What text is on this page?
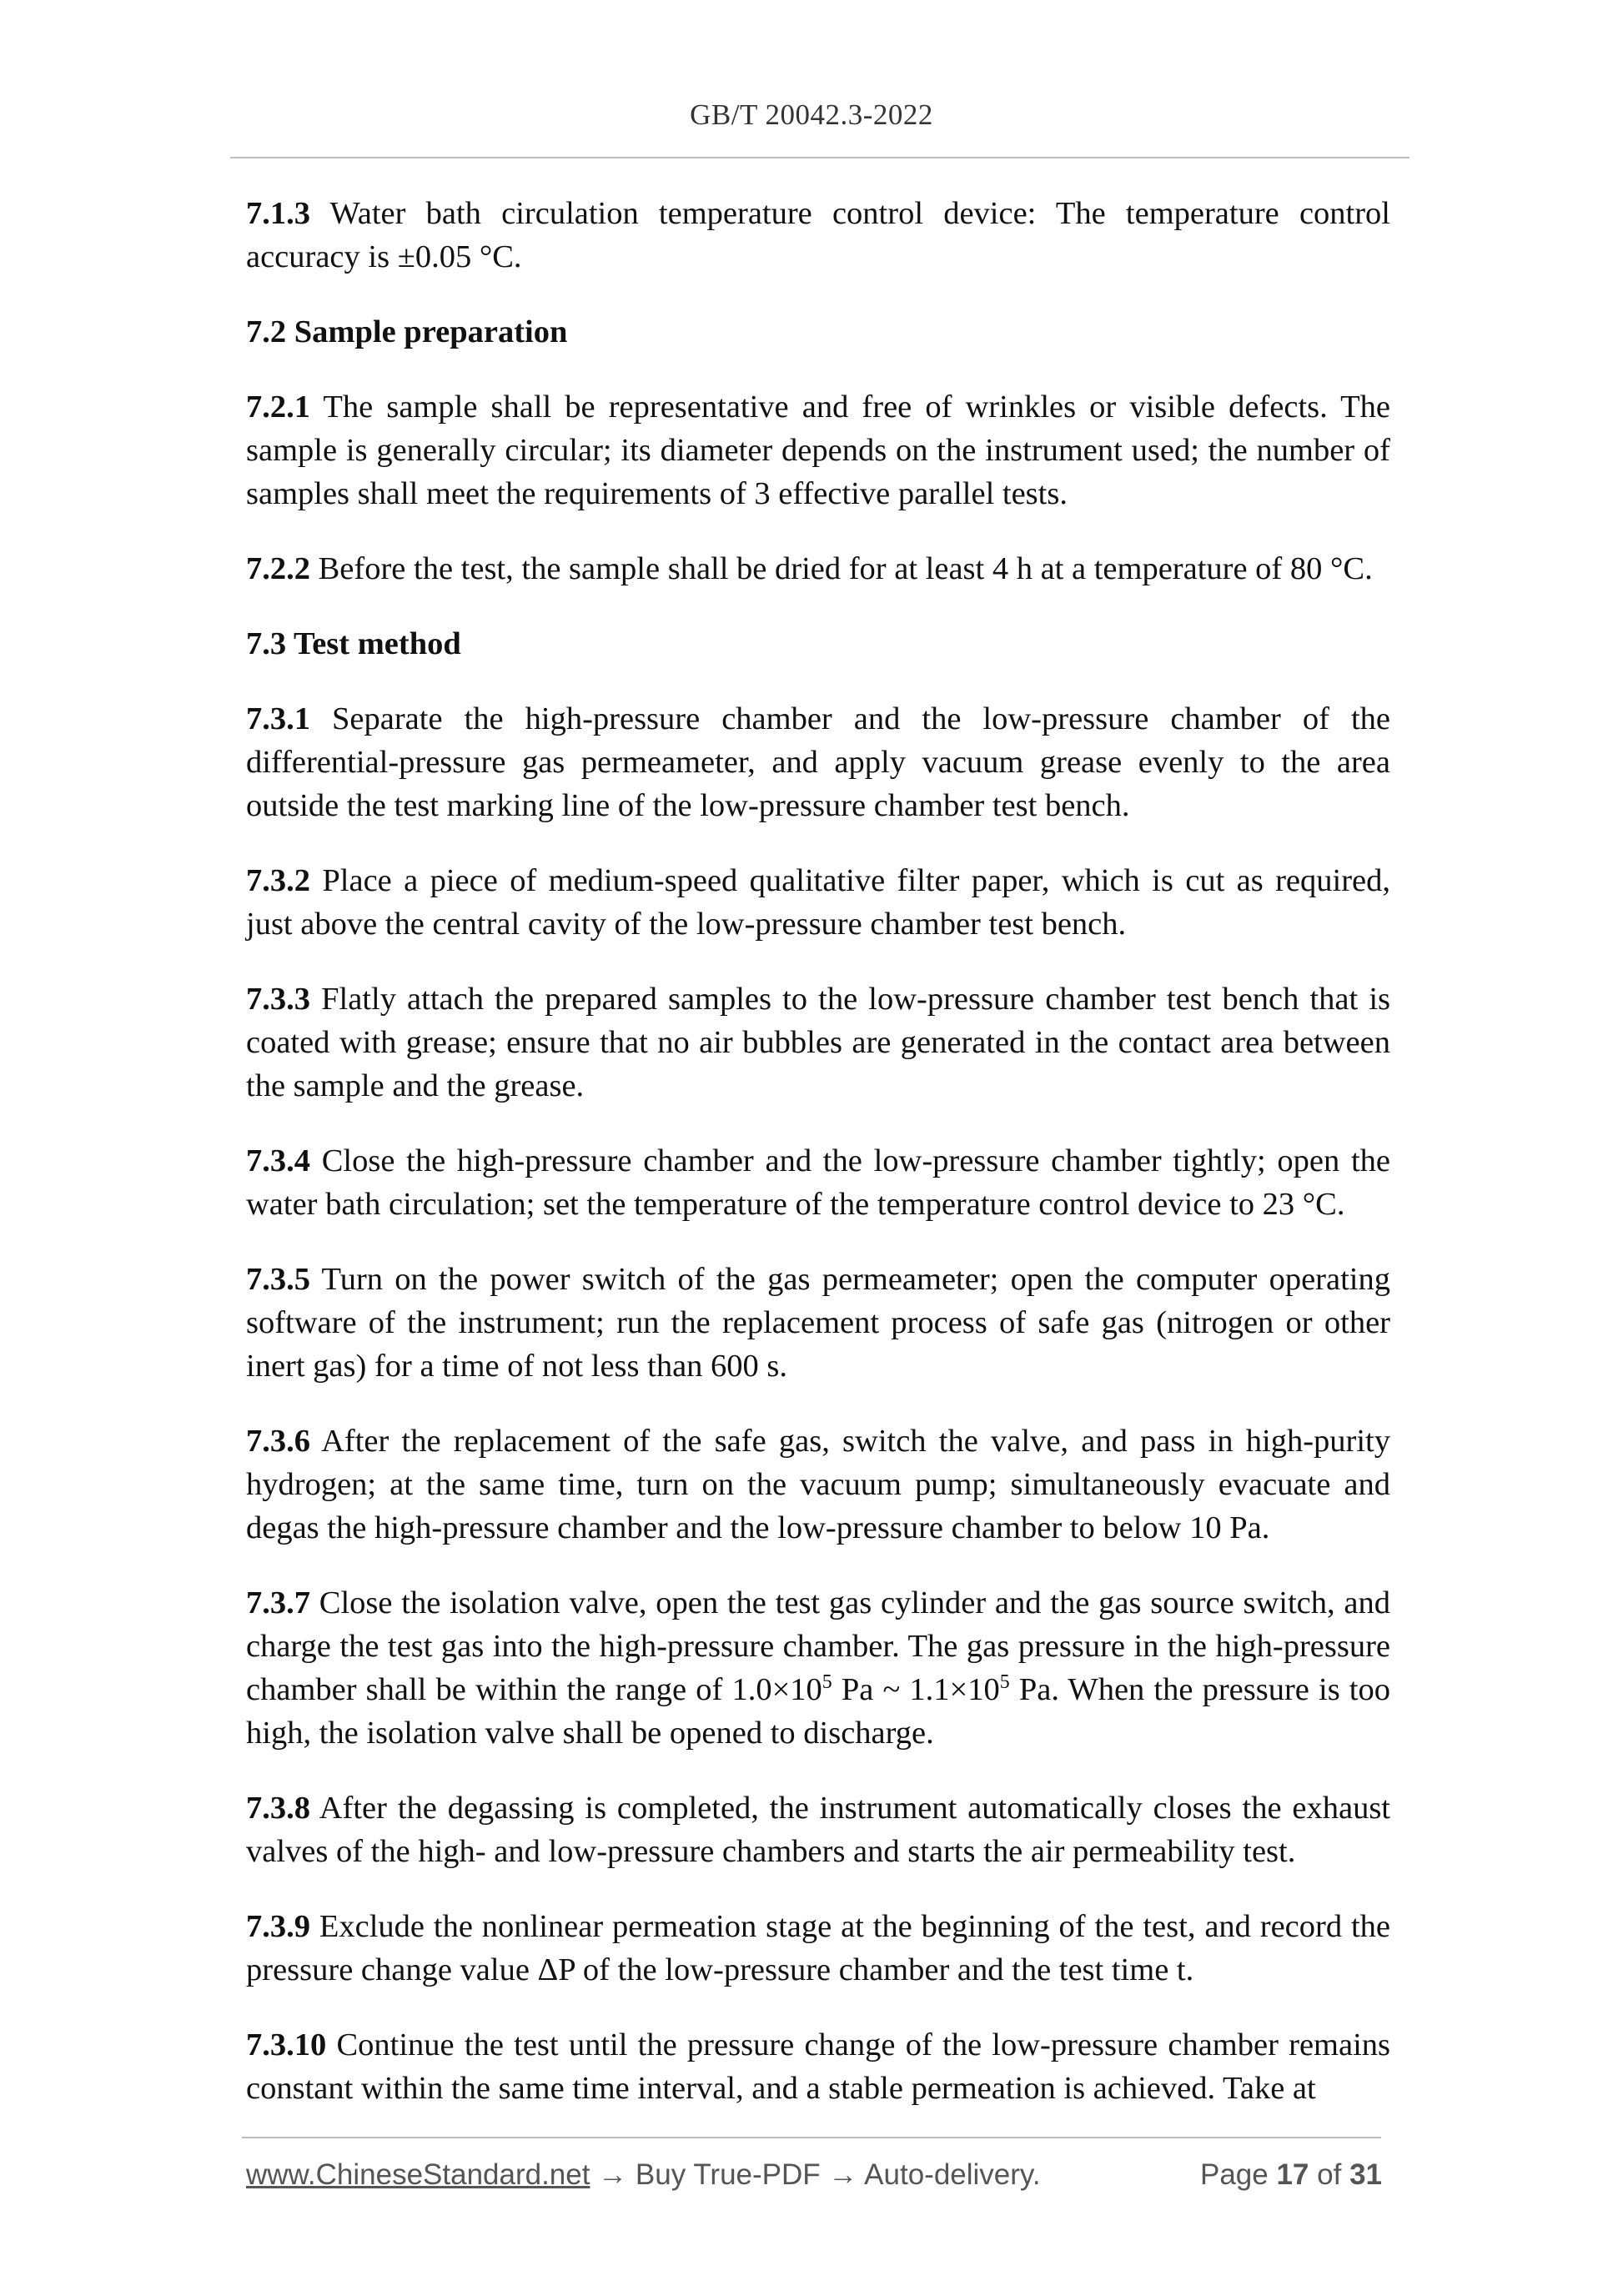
GB/T 20042.3-2022

7.1.3 Water bath circulation temperature control device: The temperature control accuracy is ±0.05 °C.

7.2 Sample preparation

7.2.1 The sample shall be representative and free of wrinkles or visible defects. The sample is generally circular; its diameter depends on the instrument used; the number of samples shall meet the requirements of 3 effective parallel tests.

7.2.2 Before the test, the sample shall be dried for at least 4 h at a temperature of 80 °C.

7.3 Test method

7.3.1 Separate the high-pressure chamber and the low-pressure chamber of the differential-pressure gas permeameter, and apply vacuum grease evenly to the area outside the test marking line of the low-pressure chamber test bench.

7.3.2 Place a piece of medium-speed qualitative filter paper, which is cut as required, just above the central cavity of the low-pressure chamber test bench.

7.3.3 Flatly attach the prepared samples to the low-pressure chamber test bench that is coated with grease; ensure that no air bubbles are generated in the contact area between the sample and the grease.

7.3.4 Close the high-pressure chamber and the low-pressure chamber tightly; open the water bath circulation; set the temperature of the temperature control device to 23 °C.

7.3.5 Turn on the power switch of the gas permeameter; open the computer operating software of the instrument; run the replacement process of safe gas (nitrogen or other inert gas) for a time of not less than 600 s.

7.3.6 After the replacement of the safe gas, switch the valve, and pass in high-purity hydrogen; at the same time, turn on the vacuum pump; simultaneously evacuate and degas the high-pressure chamber and the low-pressure chamber to below 10 Pa.

7.3.7 Close the isolation valve, open the test gas cylinder and the gas source switch, and charge the test gas into the high-pressure chamber. The gas pressure in the high-pressure chamber shall be within the range of $1.0\times 10^5$ Pa ~ $1.1\times 10^5$ Pa. When the pressure is too high, the isolation valve shall be opened to discharge.

7.3.8 After the degassing is completed, the instrument automatically closes the exhaust valves of the high- and low-pressure chambers and starts the air permeability test.

7.3.9 Exclude the nonlinear permeation stage at the beginning of the test, and record the pressure change value ΔP of the low-pressure chamber and the test time t.

7.3.10 Continue the test until the pressure change of the low-pressure chamber remains constant within the same time interval, and a stable permeation is achieved. Take at

www.ChineseStandard.net → Buy True-PDF → Auto-delivery.	Page 17 of 31
